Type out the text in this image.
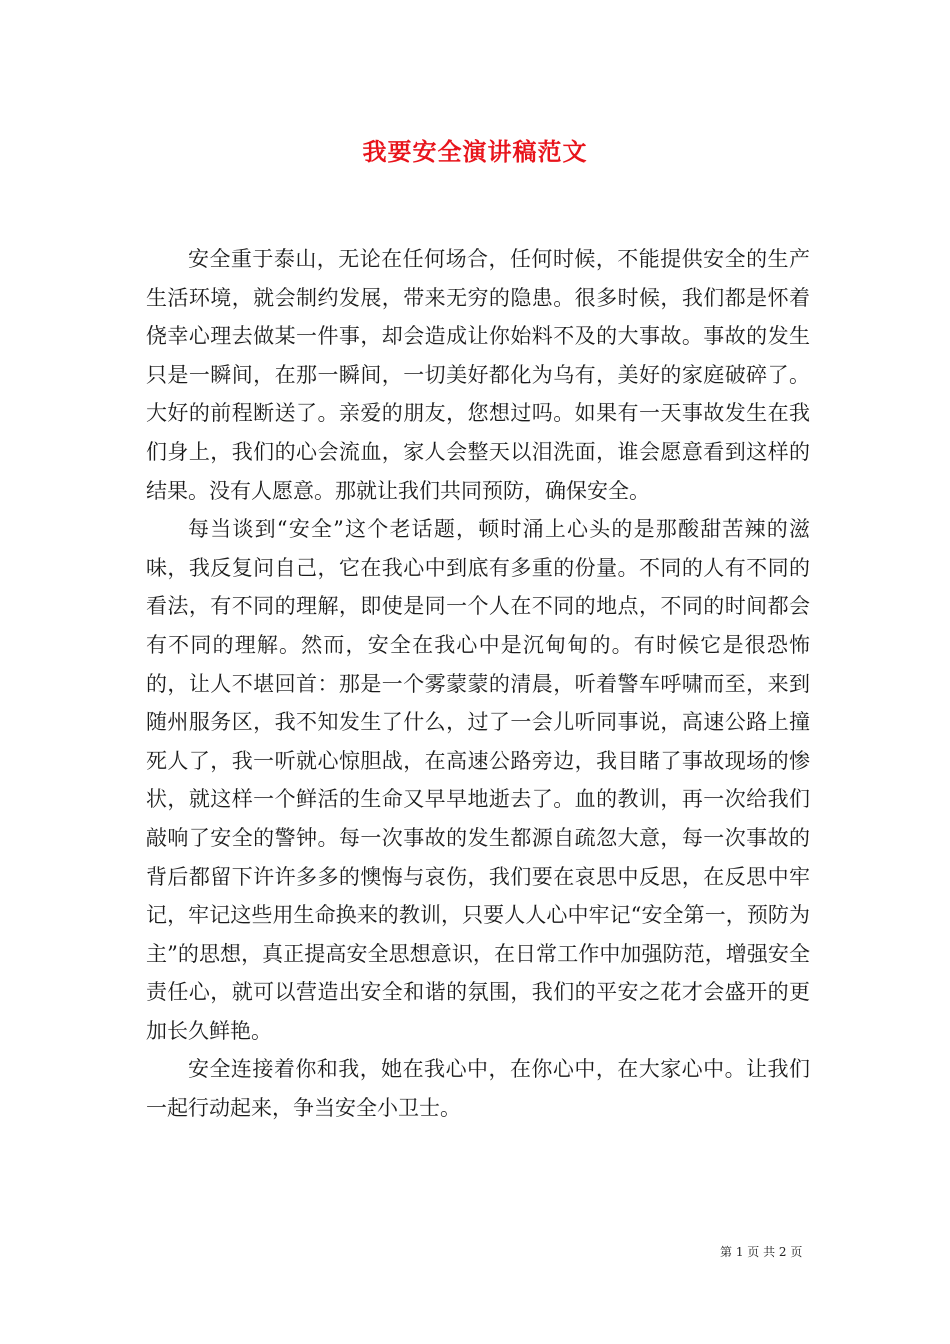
我要安全演讲稿范文

安全重于泰山，无论在任何场合，任何时候，不能提供安全的生产生活环境，就会制约发展，带来无穷的隐患。很多时候，我们都是怀着侥幸心理去做某一件事，却会造成让你始料不及的大事故。事故的发生只是一瞬间，在那一瞬间，一切美好都化为乌有，美好的家庭破碎了。大好的前程断送了。亲爱的朋友，您想过吗。如果有一天事故发生在我们身上，我们的心会流血，家人会整天以泪洗面，谁会愿意看到这样的结果。没有人愿意。那就让我们共同预防，确保安全。

每当谈到“安全”这个老话题，顿时涌上心头的是那酸甜苦辣的滋味，我反复问自己，它在我心中到底有多重的份量。不同的人有不同的看法，有不同的理解，即使是同一个人在不同的地点，不同的时间都会有不同的理解。然而，安全在我心中是沉甸甸的。有时候它是很恐怖的，让人不堪回首：那是一个雾蒙蒙的清晨，听着警车呼啸而至，来到随州服务区，我不知发生了什么，过了一会儿听同事说，高速公路上撞死人了，我一听就心惊胆战，在高速公路旁边，我目睹了事故现场的惨状，就这样一个鲜活的生命又早早地逝去了。血的教训，再一次给我们敲响了安全的警钟。每一次事故的发生都源自疏忽大意，每一次事故的背后都留下许许多多的懊悔与哀伤，我们要在哀思中反思，在反思中牢记，牢记这些用生命换来的教训，只要人人心中牢记“安全第一，预防为主”的思想，真正提高安全思想意识，在日常工作中加强防范，增强安全责任心，就可以营造出安全和谐的氛围，我们的平安之花才会盛开的更加长久鲜艳。

安全连接着你和我，她在我心中，在你心中，在大家心中。让我们一起行动起来，争当安全小卫士。

第 1 页 共 2 页
